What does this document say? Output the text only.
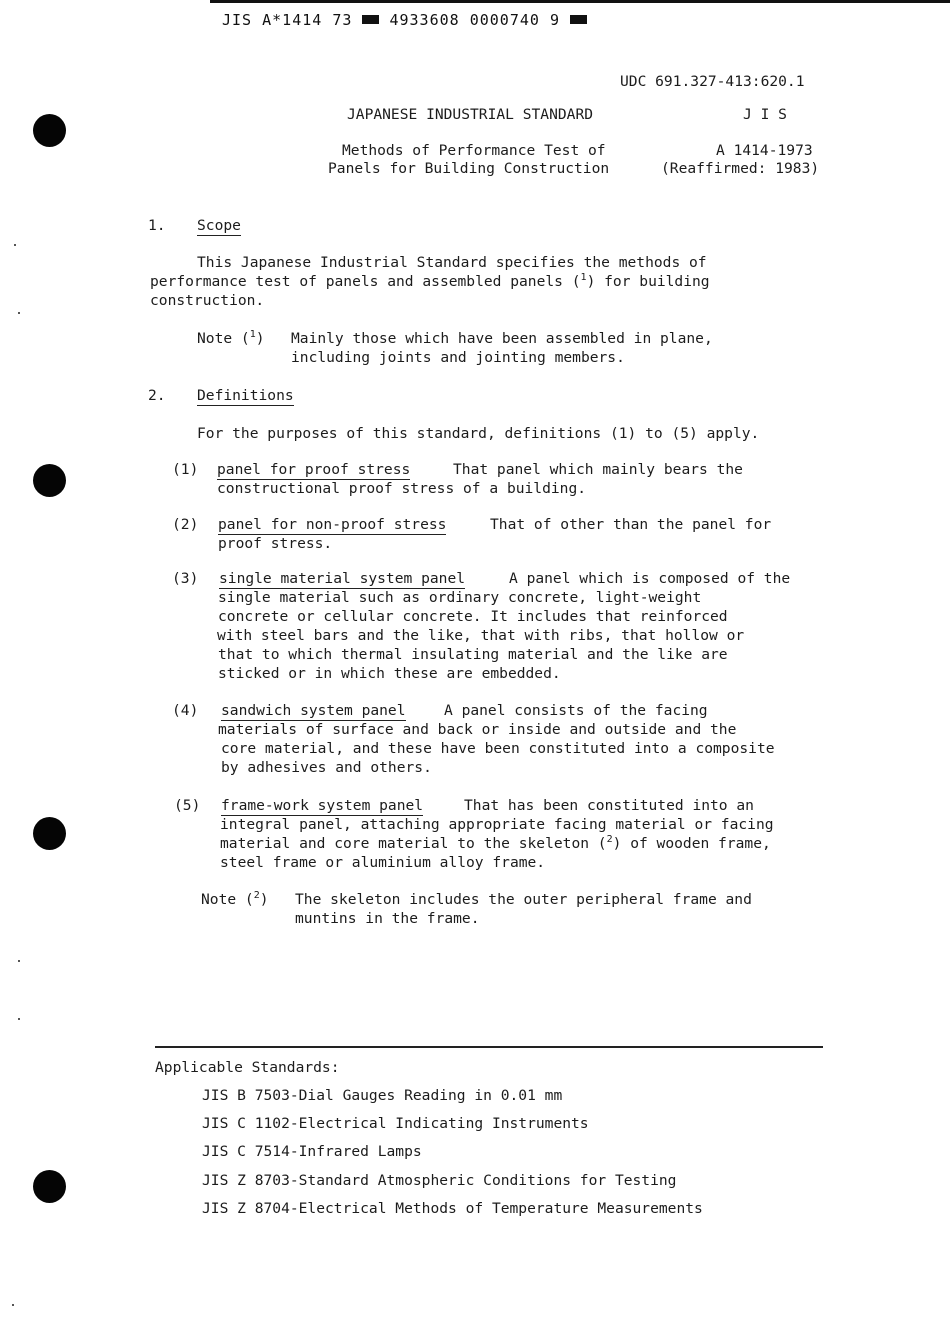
JIS A*1414 73 4933608 0000740 9
UDC 691.327-413:620.1
JAPANESE INDUSTRIAL STANDARD	J I S
Methods of Performance Test of
Panels for Building Construction
A 1414-1973
(Reaffirmed: 1983)
1. Scope
This Japanese Industrial Standard specifies the methods of
performance test of panels and assembled panels ($^1$) for building
construction.
Note ($^1$) Mainly those which have been assembled in plane,
including joints and jointing members.
2. Definitions
For the purposes of this standard, definitions (1) to (5) apply.
(1) panel for proof stress	That panel which mainly bears the
constructional proof stress of a building.
(2) panel for non-proof stress	That of other than the panel for
proof stress.
(3) single material system panel	A panel which is composed of the
single material such as ordinary concrete, light-weight
concrete or cellular concrete. It includes that reinforced
with steel bars and the like, that with ribs, that hollow or
that to which thermal insulating material and the like are
sticked or in which these are embedded.
(4) sandwich system panel	A panel consists of the facing
materials of surface and back or inside and outside and the
core material, and these have been constituted into a composite
by adhesives and others.
(5) frame-work system panel	That has been constituted into an
integral panel, attaching appropriate facing material or facing
material and core material to the skeleton ($^2$) of wooden frame,
steel frame or aluminium alloy frame.
Note ($^2$) The skeleton includes the outer peripheral frame and
muntins in the frame.
Applicable Standards:
JIS B 7503-Dial Gauges Reading in 0.01 mm
JIS C 1102-Electrical Indicating Instruments
JIS C 7514-Infrared Lamps
JIS Z 8703-Standard Atmospheric Conditions for Testing
JIS Z 8704-Electrical Methods of Temperature Measurements
